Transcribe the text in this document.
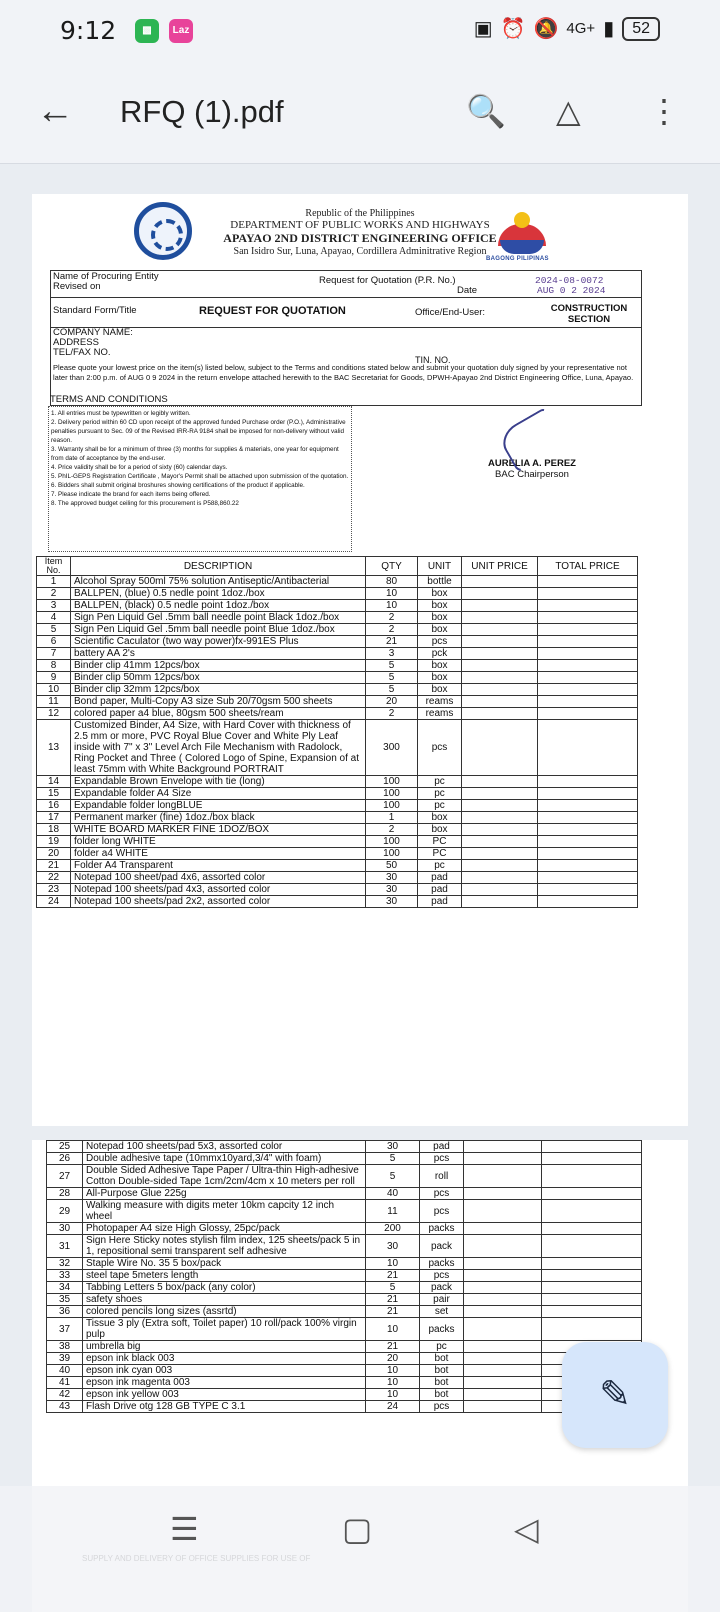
9:12	▩	Laz	▣ ⏰ 🔕 4G+ ▮	52
← RFQ (1).pdf	🔍 △ ⋮
BAGONG PILIPINAS
Republic of the Philippines
DEPARTMENT OF PUBLIC WORKS AND HIGHWAYS
APAYAO 2ND DISTRICT ENGINEERING OFFICE
San Isidro Sur, Luna, Apayao, Cordillera Adminitrative Region
Name of Procuring Entity
Revised on
Request for Quotation (P.R. No.)	2024-08-0072
Date	AUG 0 2 2024
Standard Form/Title	REQUEST FOR QUOTATION	Office/End-User:	CONSTRUCTION SECTION
COMPANY NAME:
ADDRESS
TEL/FAX NO.
TIN. NO.
Please quote your lowest price on the item(s) listed below, subject to the Terms and conditions stated below and submit your quotation duly signed by your representative not later than 2:00 p.m. of AUG 0 9 2024 in the return envelope attached herewith to the BAC Secretariat for Goods, DPWH-Apayao 2nd District Engineering Office, Luna, Apayao.
TERMS AND CONDITIONS
1. All entries must be typewritten or legibly written.
2. Delivery period within 60 CD upon receipt of the approved funded Purchase order (P.O.), Administrative penalties pursuant to Sec. 09 of the Revised IRR-RA 9184 shall be imposed for non-delivery without valid reason.
3. Warranty shall be for a minimum of three (3) months for supplies & materials, one year for equipment from date of acceptance by the end-user.
4. Price validity shall be for a period of sixty (60) calendar days.
5. PhIL-GEPS Registration Certificate , Mayor's Permit shall be attached upon submission of the quotation.
6. Bidders shall submit original broshures showing certifications of the product if applicable.
7. Please indicate the brand for each items being offered.
8. The approved budget ceiling for this procurement is P588,860.22
AURELIA A. PEREZ
BAC Chairperson
Item No.	DESCRIPTION	QTY	UNIT	UNIT PRICE	TOTAL PRICE
1	Alcohol Spray 500ml 75% solution Antiseptic/Antibacterial	80	bottle		
2	BALLPEN, (blue) 0.5 nedle point 1doz./box	10	box		
3	BALLPEN, (black) 0.5 nedle point 1doz./box	10	box		
4	Sign Pen Liquid Gel .5mm ball needle point Black 1doz./box	2	box		
5	Sign Pen Liquid Gel .5mm ball needle point Blue 1doz./box	2	box		
6	Scientific Caculator (two way power)fx-991ES Plus	21	pcs		
7	battery AA 2's	3	pck		
8	Binder clip 41mm 12pcs/box	5	box		
9	Binder clip 50mm 12pcs/box	5	box		
10	Binder clip 32mm 12pcs/box	5	box		
11	Bond paper, Multi-Copy A3 size Sub 20/70gsm 500 sheets	20	reams		
12	colored paper a4 blue, 80gsm 500 sheets/ream	2	reams		
13	Customized Binder, A4 Size, with Hard Cover with thickness of 2.5 mm or more, PVC Royal Blue Cover and White Ply Leaf inside with 7" x 3" Level Arch File Mechanism with Radolock, Ring Pocket and Three ( Colored Logo of Spine, Expansion of at least 75mm with White Background PORTRAIT	300	pcs		
14	Expandable Brown Envelope with tie (long)	100	pc		
15	Expandable folder A4 Size	100	pc		
16	Expandable folder longBLUE	100	pc		
17	Permanent marker (fine) 1doz./box black	1	box		
18	WHITE BOARD MARKER FINE 1DOZ/BOX	2	box		
19	folder long WHITE	100	PC		
20	folder a4 WHITE	100	PC		
21	Folder A4 Transparent	50	pc		
22	Notepad 100 sheet/pad 4x6, assorted color	30	pad		
23	Notepad 100 sheets/pad 4x3, assorted color	30	pad		
24	Notepad 100 sheets/pad 2x2, assorted color	30	pad		
25	Notepad 100 sheets/pad 5x3, assorted color	30	pad		
26	Double adhesive tape (10mmx10yard,3/4" with foam)	5	pcs		
27	Double Sided Adhesive Tape Paper / Ultra-thin High-adhesive Cotton Double-sided Tape 1cm/2cm/4cm x 10 meters per roll	5	roll		
28	All-Purpose Glue 225g	40	pcs		
29	Walking measure with digits meter 10km capcity 12 inch wheel	11	pcs		
30	Photopaper A4 size High Glossy, 25pc/pack	200	packs		
31	Sign Here Sticky notes stylish film index, 125 sheets/pack 5 in 1, repositional semi transparent self adhesive	30	pack		
32	Staple Wire No. 35 5 box/pack	10	packs		
33	steel tape 5meters length	21	pcs		
34	Tabbing Letters 5 box/pack (any color)	5	pack		
35	safety shoes	21	pair		
36	colored pencils long sizes (assrtd)	21	set		
37	Tissue 3 ply (Extra soft, Toilet paper) 10 roll/pack 100% virgin pulp	10	packs		
38	umbrella big	21	pc		
39	epson ink black 003	20	bot		
40	epson ink cyan 003	10	bot		
41	epson ink magenta 003	10	bot		
42	epson ink yellow 003	10	bot		
43	Flash Drive otg 128 GB TYPE C 3.1	24	pcs			✎
☰	▢	◁
